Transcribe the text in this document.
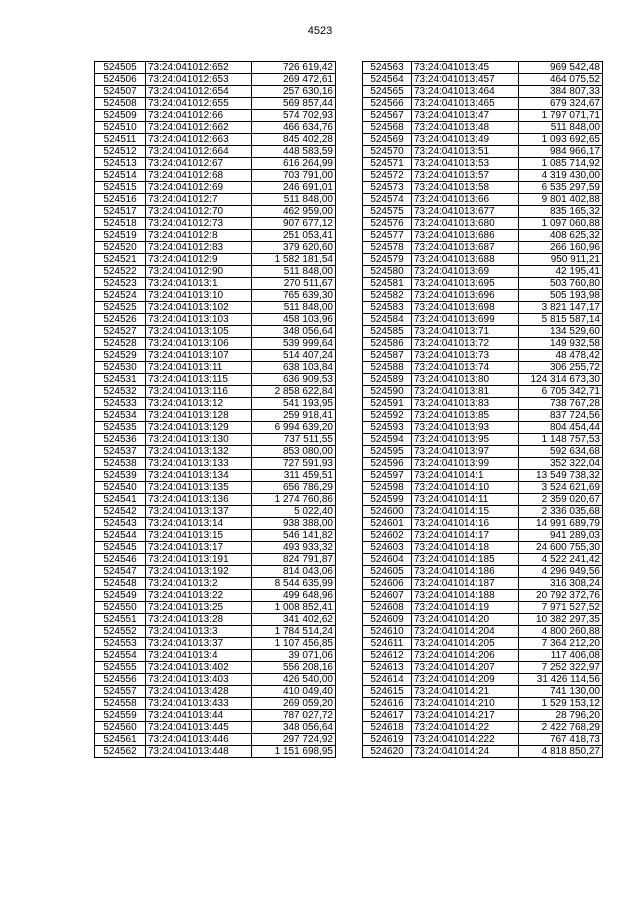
4523
524505	73:24:041012:652	726 619,42
524506	73:24:041012:653	269 472,61
524507	73:24:041012:654	257 630,16
524508	73:24:041012:655	569 857,44
524509	73:24:041012:66	574 702,93
524510	73:24:041012:662	466 634,76
524511	73:24:041012:663	845 402,28
524512	73:24:041012:664	448 583,59
524513	73:24:041012:67	616 264,99
524514	73:24:041012:68	703 791,00
524515	73:24:041012:69	246 691,01
524516	73:24:041012:7	511 848,00
524517	73:24:041012:70	462 959,00
524518	73:24:041012:73	907 677,12
524519	73:24:041012:8	251 053,41
524520	73:24:041012:83	379 620,60
524521	73:24:041012:9	1 582 181,54
524522	73:24:041012:90	511 848,00
524523	73:24:041013:1	270 511,67
524524	73:24:041013:10	765 639,30
524525	73:24:041013:102	511 848,00
524526	73:24:041013:103	458 103,96
524527	73:24:041013:105	348 056,64
524528	73:24:041013:106	539 999,64
524529	73:24:041013:107	514 407,24
524530	73:24:041013:11	638 103,84
524531	73:24:041013:115	636 909,53
524532	73:24:041013:116	2 858 622,84
524533	73:24:041013:12	541 193,95
524534	73:24:041013:128	259 918,41
524535	73:24:041013:129	6 994 639,20
524536	73:24:041013:130	737 511,55
524537	73:24:041013:132	853 080,00
524538	73:24:041013:133	727 591,93
524539	73:24:041013:134	311 459,51
524540	73:24:041013:135	656 786,29
524541	73:24:041013:136	1 274 760,86
524542	73:24:041013:137	5 022,40
524543	73:24:041013:14	938 388,00
524544	73:24:041013:15	546 141,82
524545	73:24:041013:17	493 933,32
524546	73:24:041013:191	824 791,87
524547	73:24:041013:192	814 043,06
524548	73:24:041013:2	8 544 635,99
524549	73:24:041013:22	499 648,96
524550	73:24:041013:25	1 008 852,41
524551	73:24:041013:28	341 402,62
524552	73:24:041013:3	1 784 514,24
524553	73:24:041013:37	1 107 456,85
524554	73:24:041013:4	39 071,06
524555	73:24:041013:402	556 208,16
524556	73:24:041013:403	426 540,00
524557	73:24:041013:428	410 049,40
524558	73:24:041013:433	269 059,20
524559	73:24:041013:44	787 027,72
524560	73:24:041013:445	348 056,64
524561	73:24:041013:446	297 724,92
524562	73:24:041013:448	1 151 698,95
524563	73:24:041013:45	969 542,48
524564	73:24:041013:457	464 075,52
524565	73:24:041013:464	384 807,33
524566	73:24:041013:465	679 324,67
524567	73:24:041013:47	1 797 071,71
524568	73:24:041013:48	511 848,00
524569	73:24:041013:49	1 093 692,65
524570	73:24:041013:51	984 966,17
524571	73:24:041013:53	1 085 714,92
524572	73:24:041013:57	4 319 430,00
524573	73:24:041013:58	6 535 297,59
524574	73:24:041013:66	9 801 402,88
524575	73:24:041013:677	835 165,32
524576	73:24:041013:680	1 097 060,88
524577	73:24:041013:686	408 625,32
524578	73:24:041013:687	266 160,96
524579	73:24:041013:688	950 911,21
524580	73:24:041013:69	42 195,41
524581	73:24:041013:695	503 760,80
524582	73:24:041013:696	505 193,98
524583	73:24:041013:698	3 821 147,17
524584	73:24:041013:699	5 815 587,14
524585	73:24:041013:71	134 529,60
524586	73:24:041013:72	149 932,58
524587	73:24:041013:73	48 478,42
524588	73:24:041013:74	306 255,72
524589	73:24:041013:80	124 314 673,30
524590	73:24:041013:81	6 705 342,71
524591	73:24:041013:83	738 767,28
524592	73:24:041013:85	837 724,56
524593	73:24:041013:93	804 454,44
524594	73:24:041013:95	1 148 757,53
524595	73:24:041013:97	592 634,68
524596	73:24:041013:99	352 322,04
524597	73:24:041014:1	13 549 738,32
524598	73:24:041014:10	3 524 621,69
524599	73:24:041014:11	2 359 020,67
524600	73:24:041014:15	2 336 035,68
524601	73:24:041014:16	14 991 689,79
524602	73:24:041014:17	941 289,03
524603	73:24:041014:18	24 600 755,30
524604	73:24:041014:185	4 522 241,42
524605	73:24:041014:186	4 296 949,56
524606	73:24:041014:187	316 308,24
524607	73:24:041014:188	20 792 372,76
524608	73:24:041014:19	7 971 527,52
524609	73:24:041014:20	10 382 297,35
524610	73:24:041014:204	4 800 260,88
524611	73:24:041014:205	7 364 212,20
524612	73:24:041014:206	117 406,08
524613	73:24:041014:207	7 252 322,97
524614	73:24:041014:209	31 426 114,56
524615	73:24:041014:21	741 130,00
524616	73:24:041014:210	1 529 153,12
524617	73:24:041014:217	28 796,20
524618	73:24:041014:22	2 422 768,29
524619	73:24:041014:222	767 418,73
524620	73:24:041014:24	4 818 850,27
